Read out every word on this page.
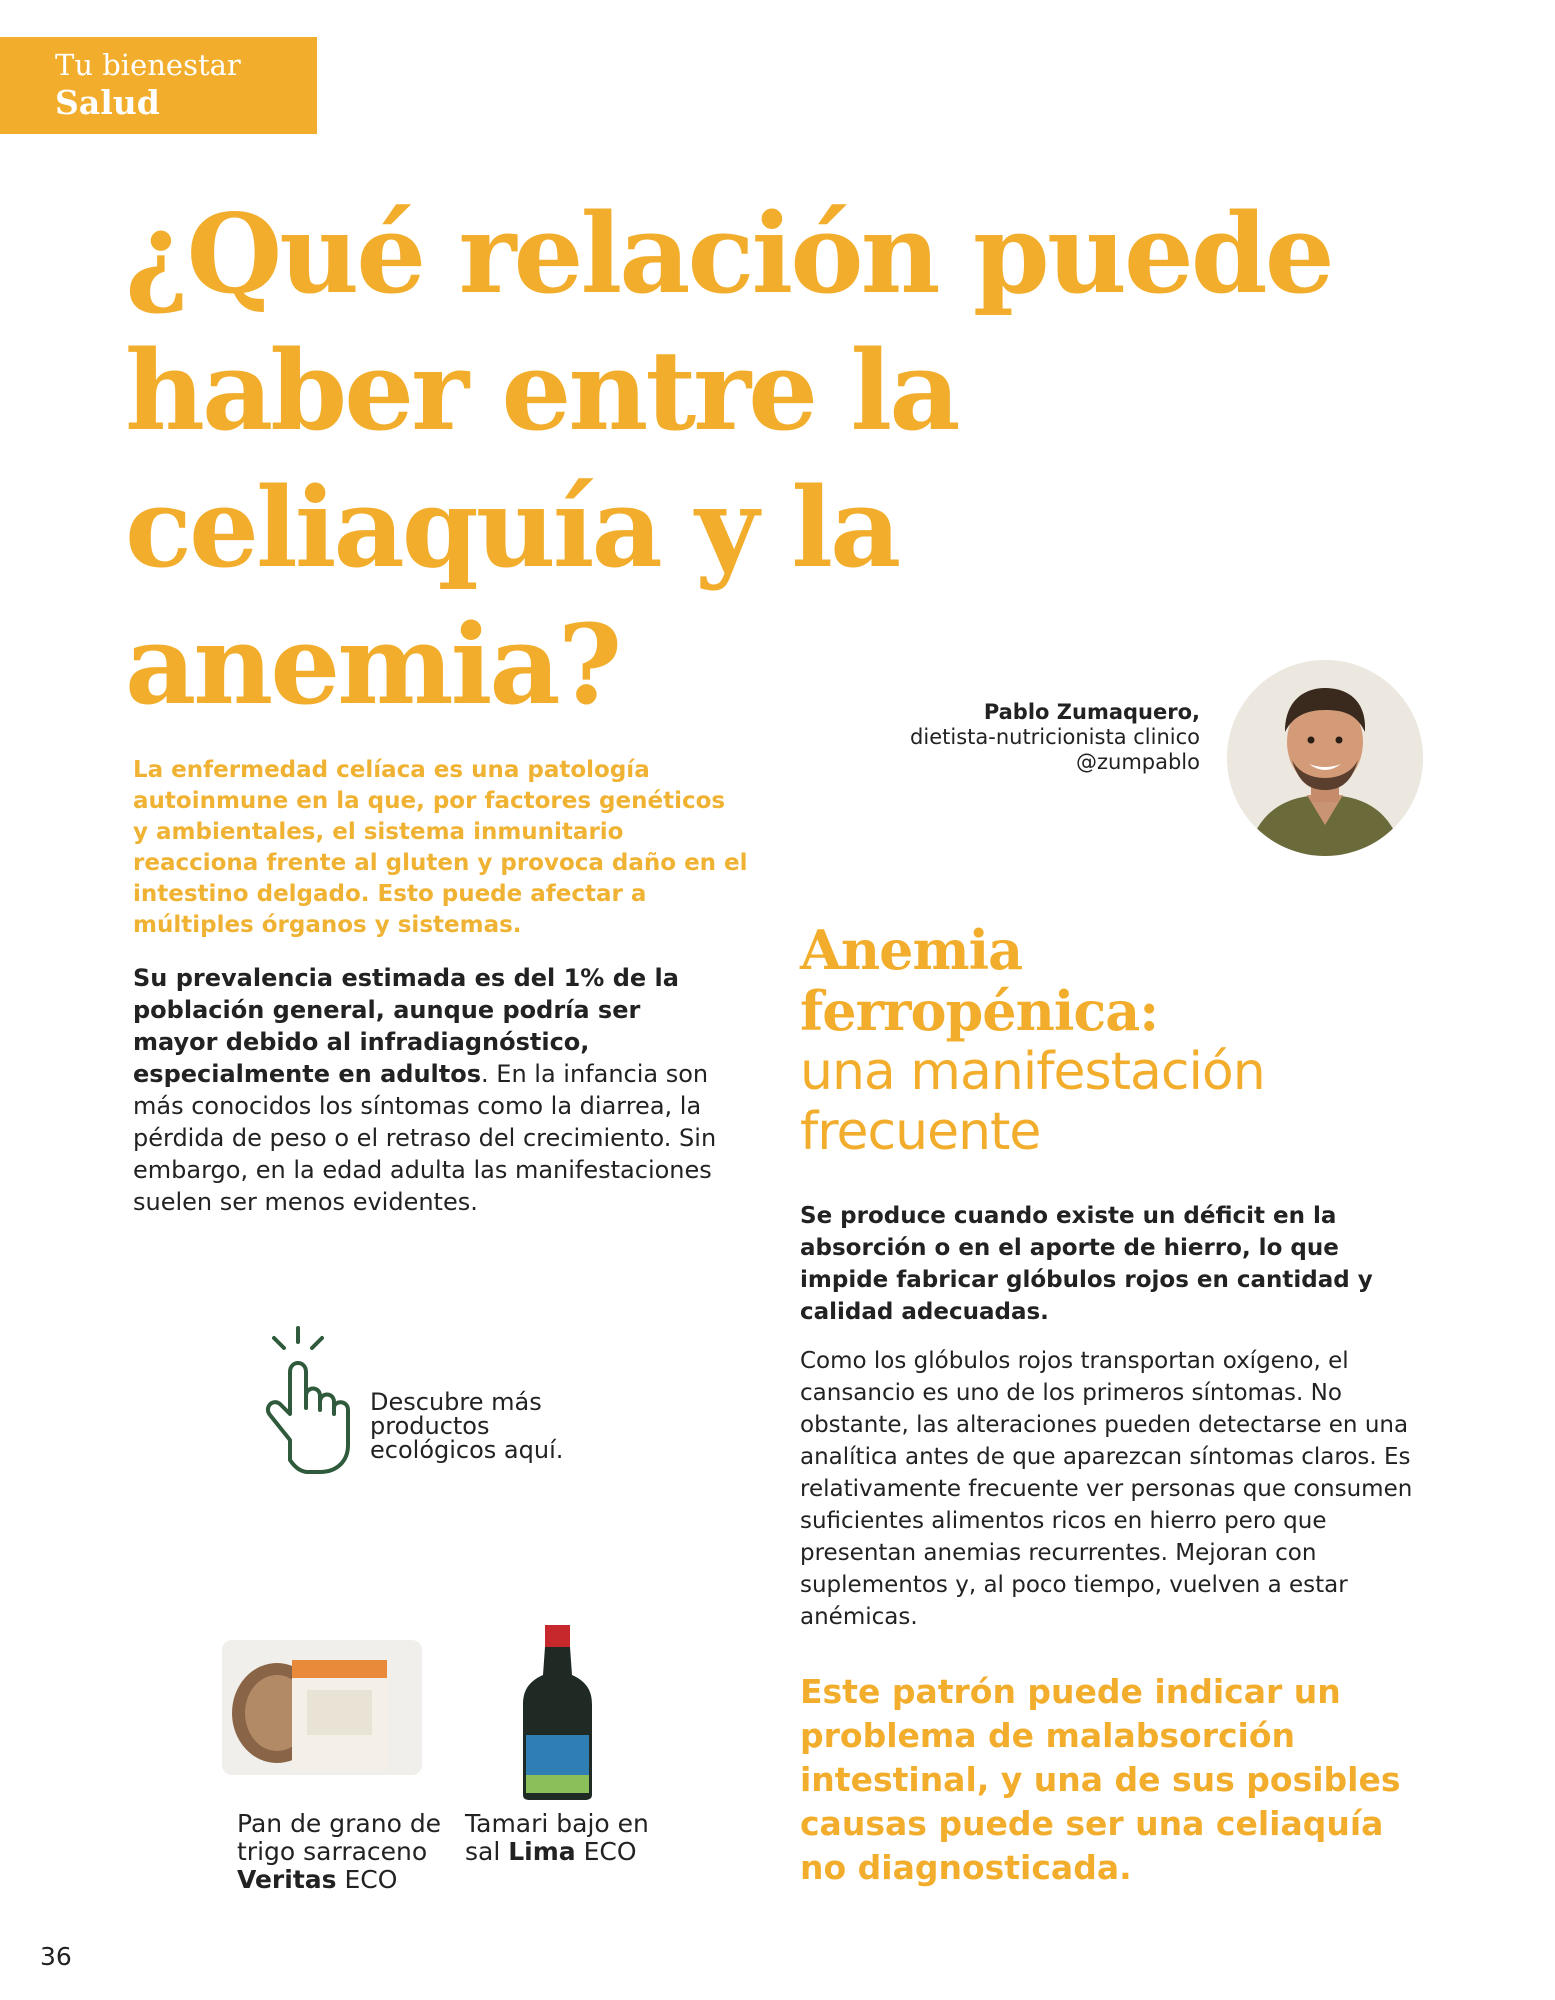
Tu bienestar
Salud
¿Qué relación puede haber entre la celiaquía y la anemia?	Pablo Zumaquero,
dietista-nutricionista clinico
@zumpablo
La enfermedad celíaca es una patología autoinmune en la que, por factores genéticos y ambientales, el sistema inmunitario reacciona frente al gluten y provoca daño en el intestino delgado. Esto puede afectar a múltiples órganos y sistemas.
Su prevalencia estimada es del 1% de la población general, aunque podría ser mayor debido al infradiagnóstico, especialmente en adultos. En la infancia son más conocidos los síntomas como la diarrea, la pérdida de peso o el retraso del crecimiento. Sin embargo, en la edad adulta las manifestaciones suelen ser menos evidentes.
Descubre más productos ecológicos aquí.
Pan de grano de trigo sarraceno
Veritas ECO
Tamari bajo en sal Lima ECO
Anemia ferropénica:
una manifestación frecuente
Se produce cuando existe un déficit en la absorción o en el aporte de hierro, lo que impide fabricar glóbulos rojos en cantidad y calidad adecuadas.
Como los glóbulos rojos transportan oxígeno, el cansancio es uno de los primeros síntomas. No obstante, las alteraciones pueden detectarse en una analítica antes de que aparezcan síntomas claros. Es relativamente frecuente ver personas que consumen suficientes alimentos ricos en hierro pero que presentan anemias recurrentes. Mejoran con suplementos y, al poco tiempo, vuelven a estar anémicas.
Este patrón puede indicar un problema de malabsorción intestinal, y una de sus posibles causas puede ser una celiaquía no diagnosticada.
36
